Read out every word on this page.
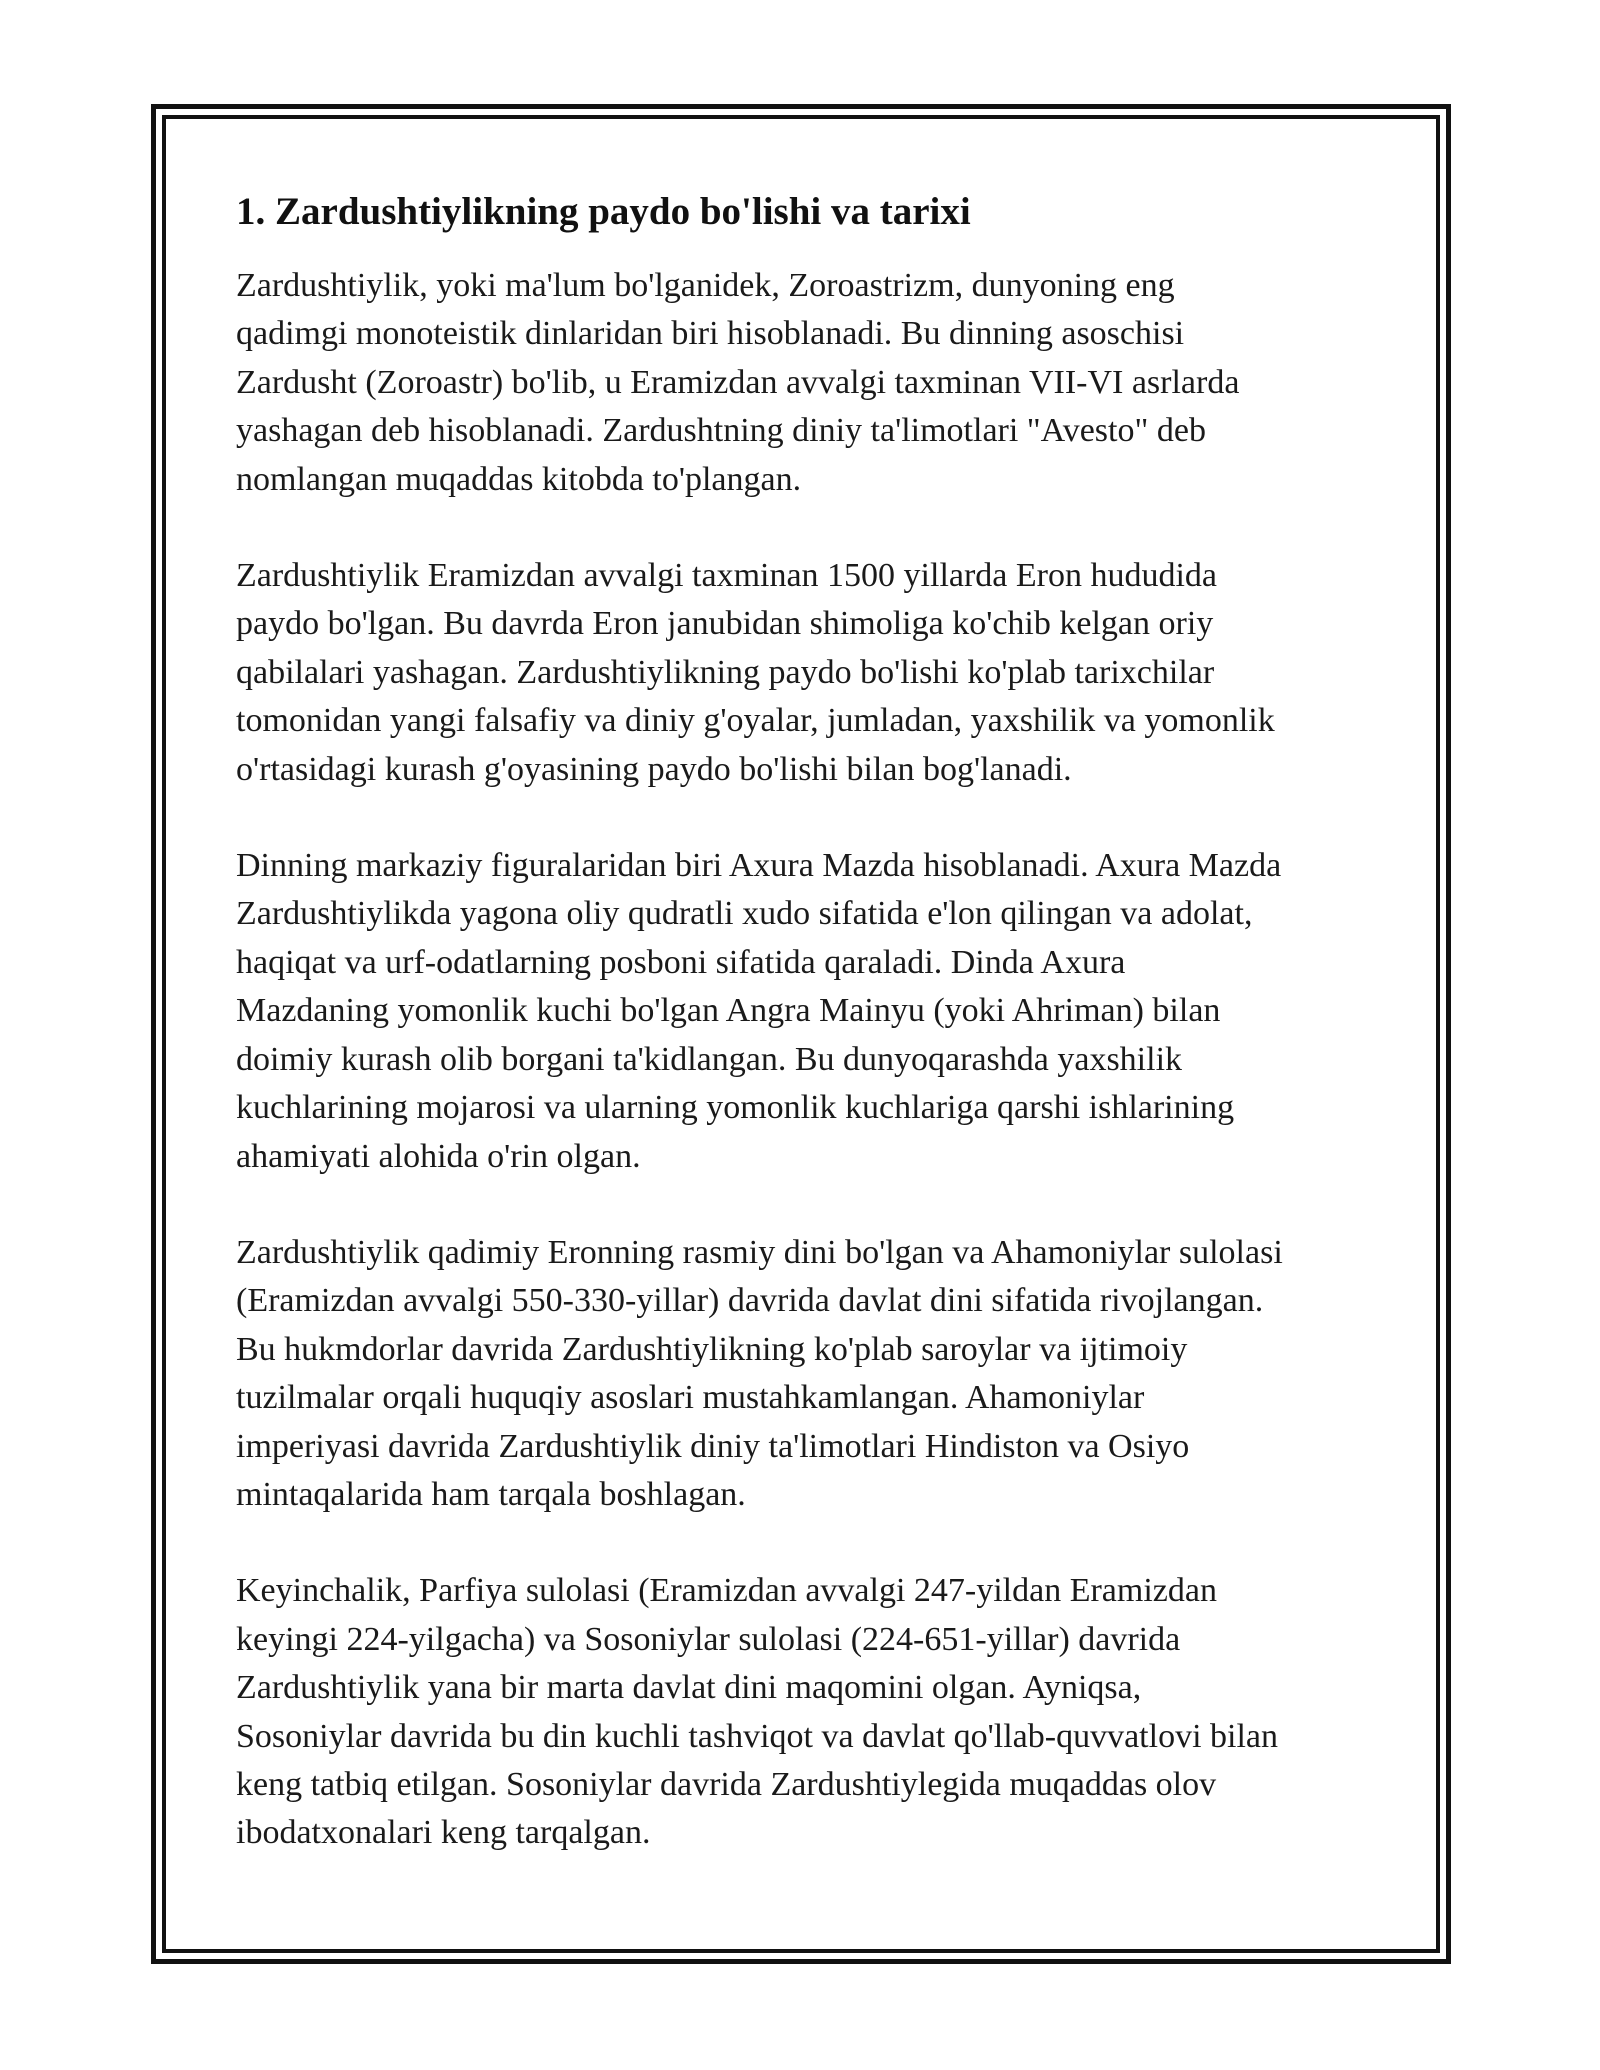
1. Zardushtiylikning paydo bo'lishi va tarixi
Zardushtiylik, yoki ma'lum bo'lganidek, Zoroastrizm, dunyoning eng
qadimgi monoteistik dinlaridan biri hisoblanadi. Bu dinning asoschisi
Zardusht (Zoroastr) bo'lib, u Eramizdan avvalgi taxminan VII-VI asrlarda
yashagan deb hisoblanadi. Zardushtning diniy ta'limotlari "Avesto" deb
nomlangan muqaddas kitobda to'plangan.
Zardushtiylik Eramizdan avvalgi taxminan 1500 yillarda Eron hududida
paydo bo'lgan. Bu davrda Eron janubidan shimoliga ko'chib kelgan oriy
qabilalari yashagan. Zardushtiylikning paydo bo'lishi ko'plab tarixchilar
tomonidan yangi falsafiy va diniy g'oyalar, jumladan, yaxshilik va yomonlik
o'rtasidagi kurash g'oyasining paydo bo'lishi bilan bog'lanadi.
Dinning markaziy figuralaridan biri Axura Mazda hisoblanadi. Axura Mazda
Zardushtiylikda yagona oliy qudratli xudo sifatida e'lon qilingan va adolat,
haqiqat va urf-odatlarning posboni sifatida qaraladi. Dinda Axura
Mazdaning yomonlik kuchi bo'lgan Angra Mainyu (yoki Ahriman) bilan
doimiy kurash olib borgani ta'kidlangan. Bu dunyoqarashda yaxshilik
kuchlarining mojarosi va ularning yomonlik kuchlariga qarshi ishlarining
ahamiyati alohida o'rin olgan.
Zardushtiylik qadimiy Eronning rasmiy dini bo'lgan va Ahamoniylar sulolasi
(Eramizdan avvalgi 550-330-yillar) davrida davlat dini sifatida rivojlangan.
Bu hukmdorlar davrida Zardushtiylikning ko'plab saroylar va ijtimoiy
tuzilmalar orqali huquqiy asoslari mustahkamlangan. Ahamoniylar
imperiyasi davrida Zardushtiylik diniy ta'limotlari Hindiston va Osiyo
mintaqalarida ham tarqala boshlagan.
Keyinchalik, Parfiya sulolasi (Eramizdan avvalgi 247-yildan Eramizdan
keyingi 224-yilgacha) va Sosoniylar sulolasi (224-651-yillar) davrida
Zardushtiylik yana bir marta davlat dini maqomini olgan. Ayniqsa,
Sosoniylar davrida bu din kuchli tashviqot va davlat qo'llab-quvvatlovi bilan
keng tatbiq etilgan. Sosoniylar davrida Zardushtiylegida muqaddas olov
ibodatxonalari keng tarqalgan.
